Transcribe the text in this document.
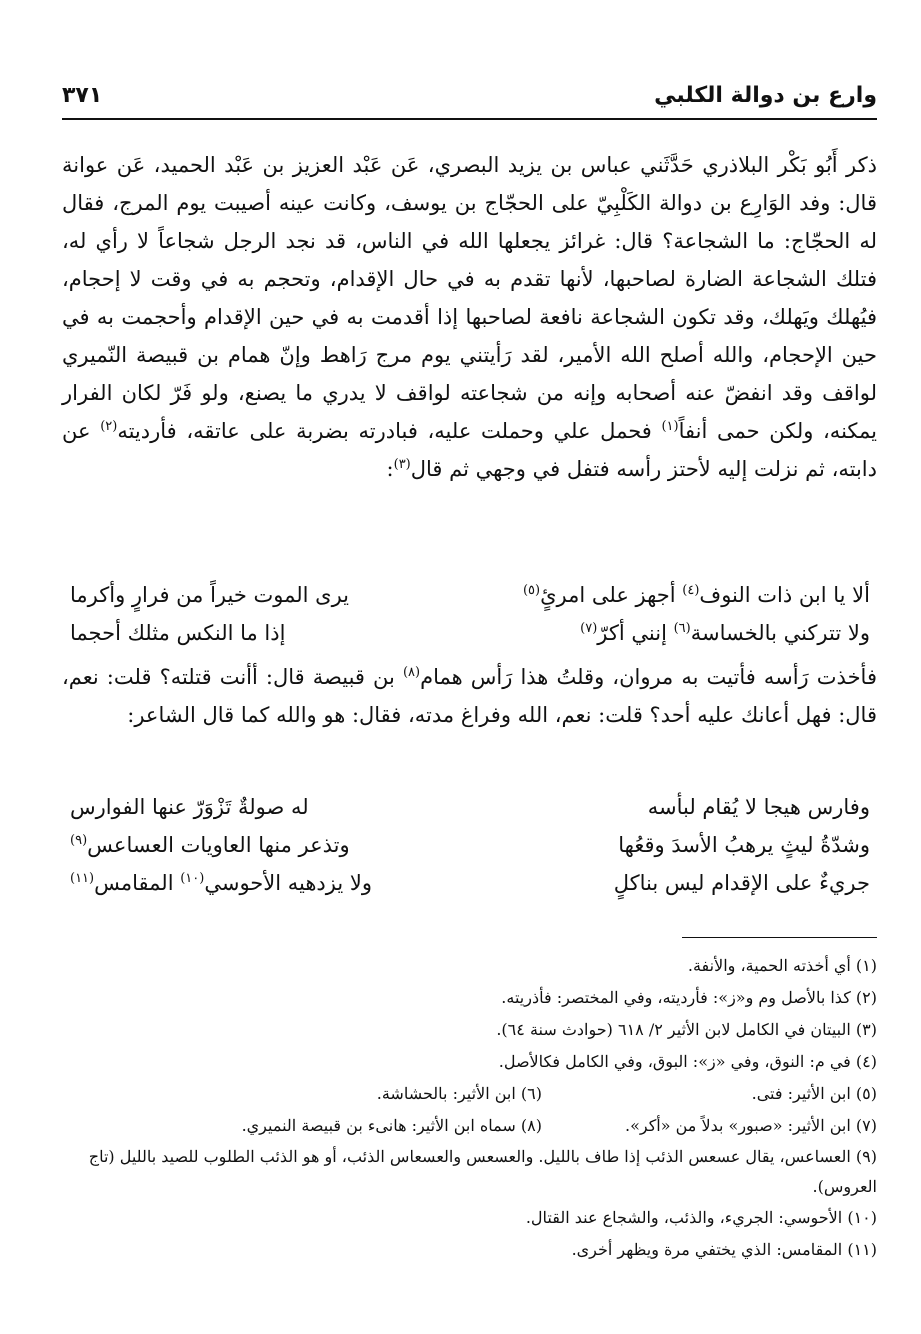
وارع بن دوالة الكلبي
٣٧١
ذكر أَبُو بَكْر البلاذري حَدَّثَني عباس بن يزيد البصري، عَن عَبْد العزيز بن عَبْد الحميد، عَن عوانة قال: وفد الوَارِع بن دوالة الكَلْبِيّ على الحجّاج بن يوسف، وكانت عينه أصيبت يوم المرج، فقال له الحجّاج: ما الشجاعة؟ قال: غرائز يجعلها الله في الناس، قد نجد الرجل شجاعاً لا رأي له، فتلك الشجاعة الضارة لصاحبها، لأنها تقدم به في حال الإقدام، وتحجم به في وقت لا إحجام، فيُهلك ويَهلك، وقد تكون الشجاعة نافعة لصاحبها إذا أقدمت به في حين الإقدام وأحجمت به في حين الإحجام، والله أصلح الله الأمير، لقد رَأيتني يوم مرج رَاهط وإنّ همام بن قبيصة النّميري لواقف وقد انفضّ عنه أصحابه وإنه من شجاعته لواقف لا يدري ما يصنع، ولو فَرّ لكان الفرار يمكنه، ولكن حمى أنفاً$^{(١)}$ فحمل علي وحملت عليه، فبادرته بضربة على عاتقه، فأرديته$^{(٢)}$ عن دابته، ثم نزلت إليه لأحتز رأسه فتفل في وجهي ثم قال$^{(٣)}$:
ألا يا ابن ذات النوف$^{(٤)}$ أجهز على امرئٍ$^{(٥)}$
يرى الموت خيراً من فرارٍ وأكرما
ولا تتركني بالخساسة$^{(٦)}$ إنني أكرّ$^{(٧)}$
إذا ما النكس مثلك أحجما
فأخذت رَأسه فأتيت به مروان، وقلتُ هذا رَأس همام$^{(٨)}$ بن قبيصة قال: أأنت قتلته؟ قلت: نعم، قال: فهل أعانك عليه أحد؟ قلت: نعم، الله وفراغ مدته، فقال: هو والله كما قال الشاعر:
وفارس هيجا لا يُقام لبأسه
له صولةٌ تَزْوَرّ عنها الفوارس
وشدّةُ ليثٍ يرهبُ الأسدَ وقعُها
وتذعر منها العاويات العساعس$^{(٩)}$
جريءٌ على الإقدام ليس بناكلٍ
ولا يزدهيه الأحوسي$^{(١٠)}$ المقامس$^{(١١)}$
(١) أي أخذته الحمية، والأنفة.
(٢) كذا بالأصل وم و«ز»: فأرديته، وفي المختصر: فأذريته.
(٣) البيتان في الكامل لابن الأثير ٢/ ٦١٨ (حوادث سنة ٦٤).
(٤) في م: النوق، وفي «ز»: البوق، وفي الكامل فكالأصل.
(٥) ابن الأثير: فتى.
(٦) ابن الأثير: بالحشاشة.
(٧) ابن الأثير: «صبور» بدلاً من «أكر».
(٨) سماه ابن الأثير: هانىء بن قبيصة النميري.
(٩) العساعس، يقال عسعس الذئب إذا طاف بالليل. والعسعس والعسعاس الذئب، أو هو الذئب الطلوب للصيد بالليل (تاج العروس).
(١٠) الأحوسي: الجريء، والذئب، والشجاع عند القتال.
(١١) المقامس: الذي يختفي مرة ويظهر أخرى.
